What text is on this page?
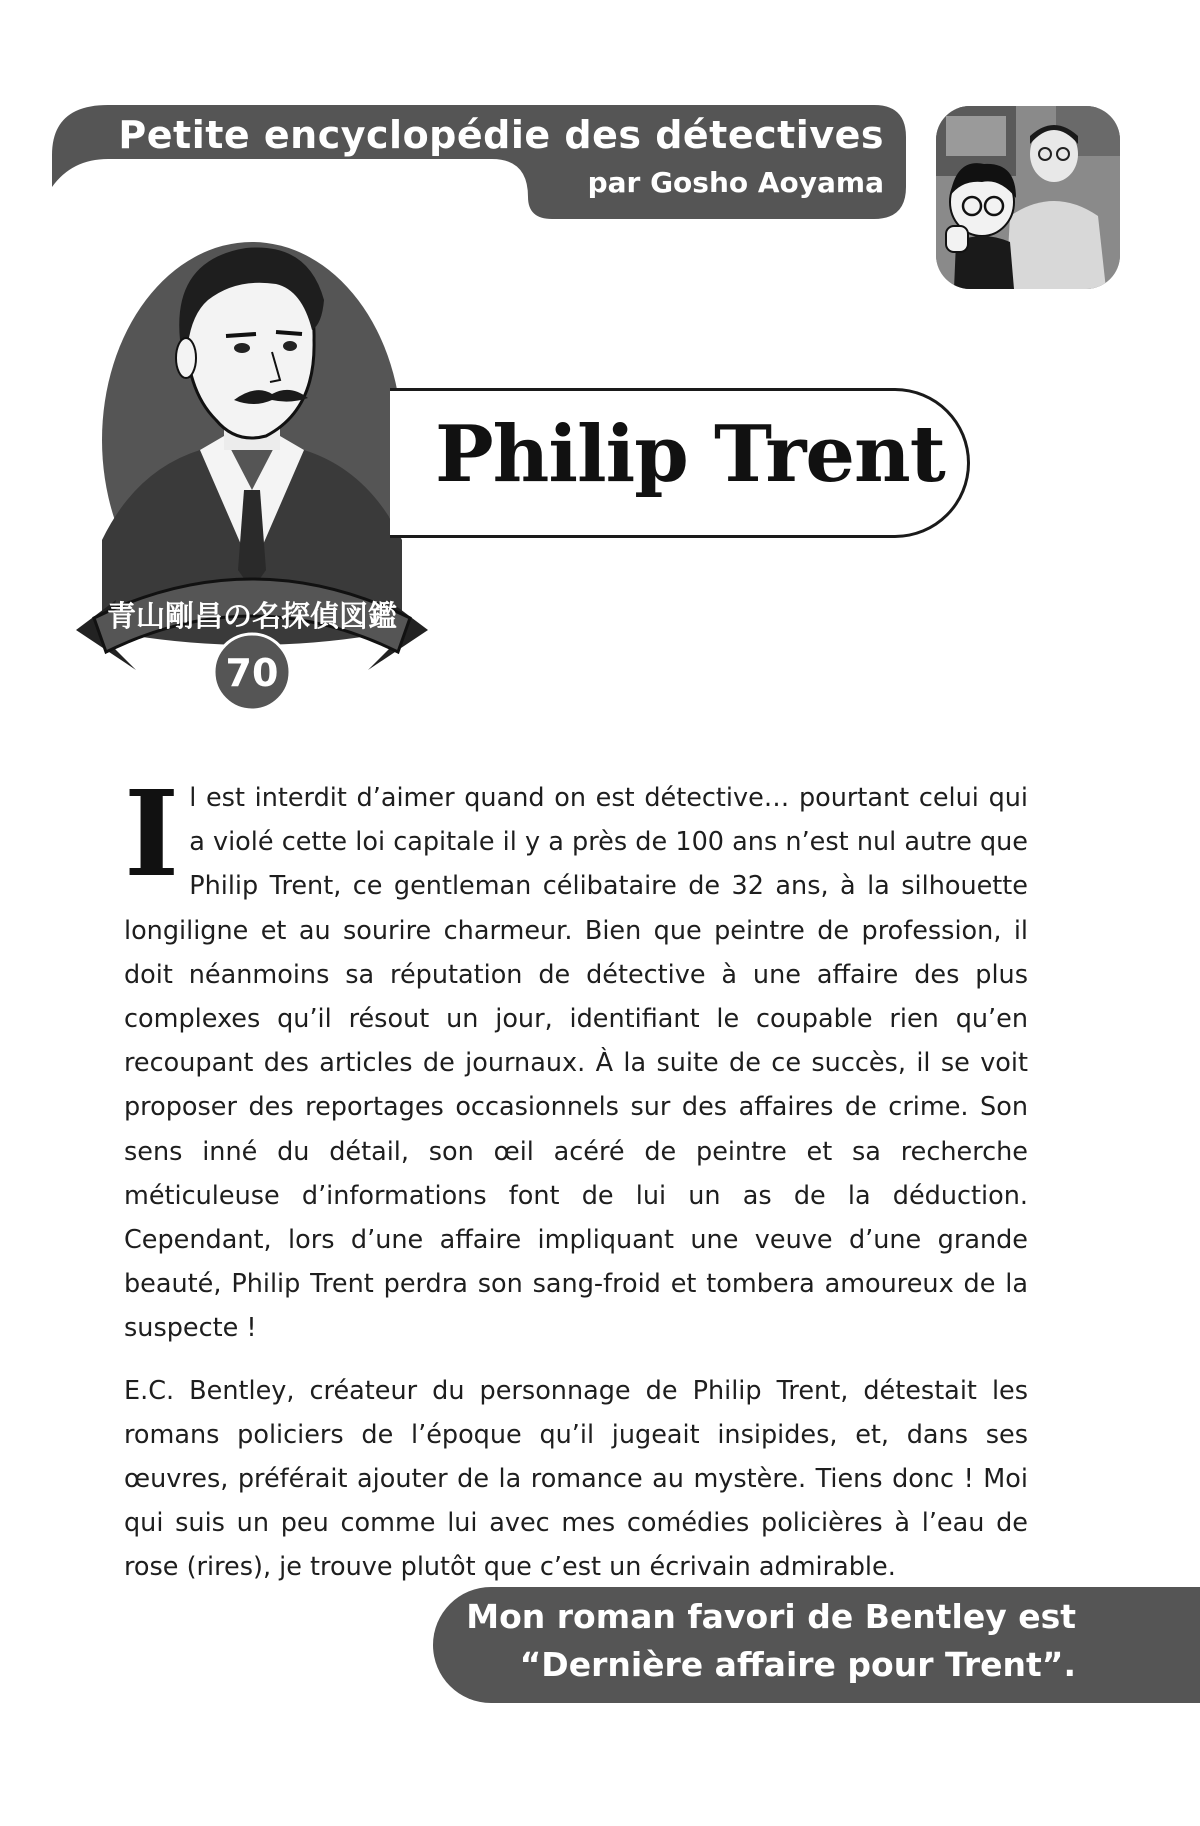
Petite encyclopédie des détectives
par Gosho Aoyama
青山剛昌の名探偵図鑑
70
Philip Trent

Il est interdit d’aimer quand on est détective… pourtant celui qui a violé cette loi capitale il y a près de 100 ans n’est nul autre que Philip Trent, ce gentleman célibataire de 32 ans, à la silhouette longiligne et au sourire charmeur. Bien que peintre de profession, il doit néanmoins sa réputation de détective à une affaire des plus complexes qu’il résout un jour, identifiant le coupable rien qu’en recoupant des articles de journaux. À la suite de ce succès, il se voit proposer des reportages occasionnels sur des affaires de crime. Son sens inné du détail, son œil acéré de peintre et sa recherche méticuleuse d’informations font de lui un as de la déduction. Cependant, lors d’une affaire impliquant une veuve d’une grande beauté, Philip Trent perdra son sang-froid et tombera amoureux de la suspecte !

E.C. Bentley, créateur du personnage de Philip Trent, détestait les romans policiers de l’époque qu’il jugeait insipides, et, dans ses œuvres, préférait ajouter de la romance au mystère. Tiens donc ! Moi qui suis un peu comme lui avec mes comédies policières à l’eau de rose (rires), je trouve plutôt que c’est un écrivain admirable.

Mon roman favori de Bentley est
“Dernière affaire pour Trent”.
